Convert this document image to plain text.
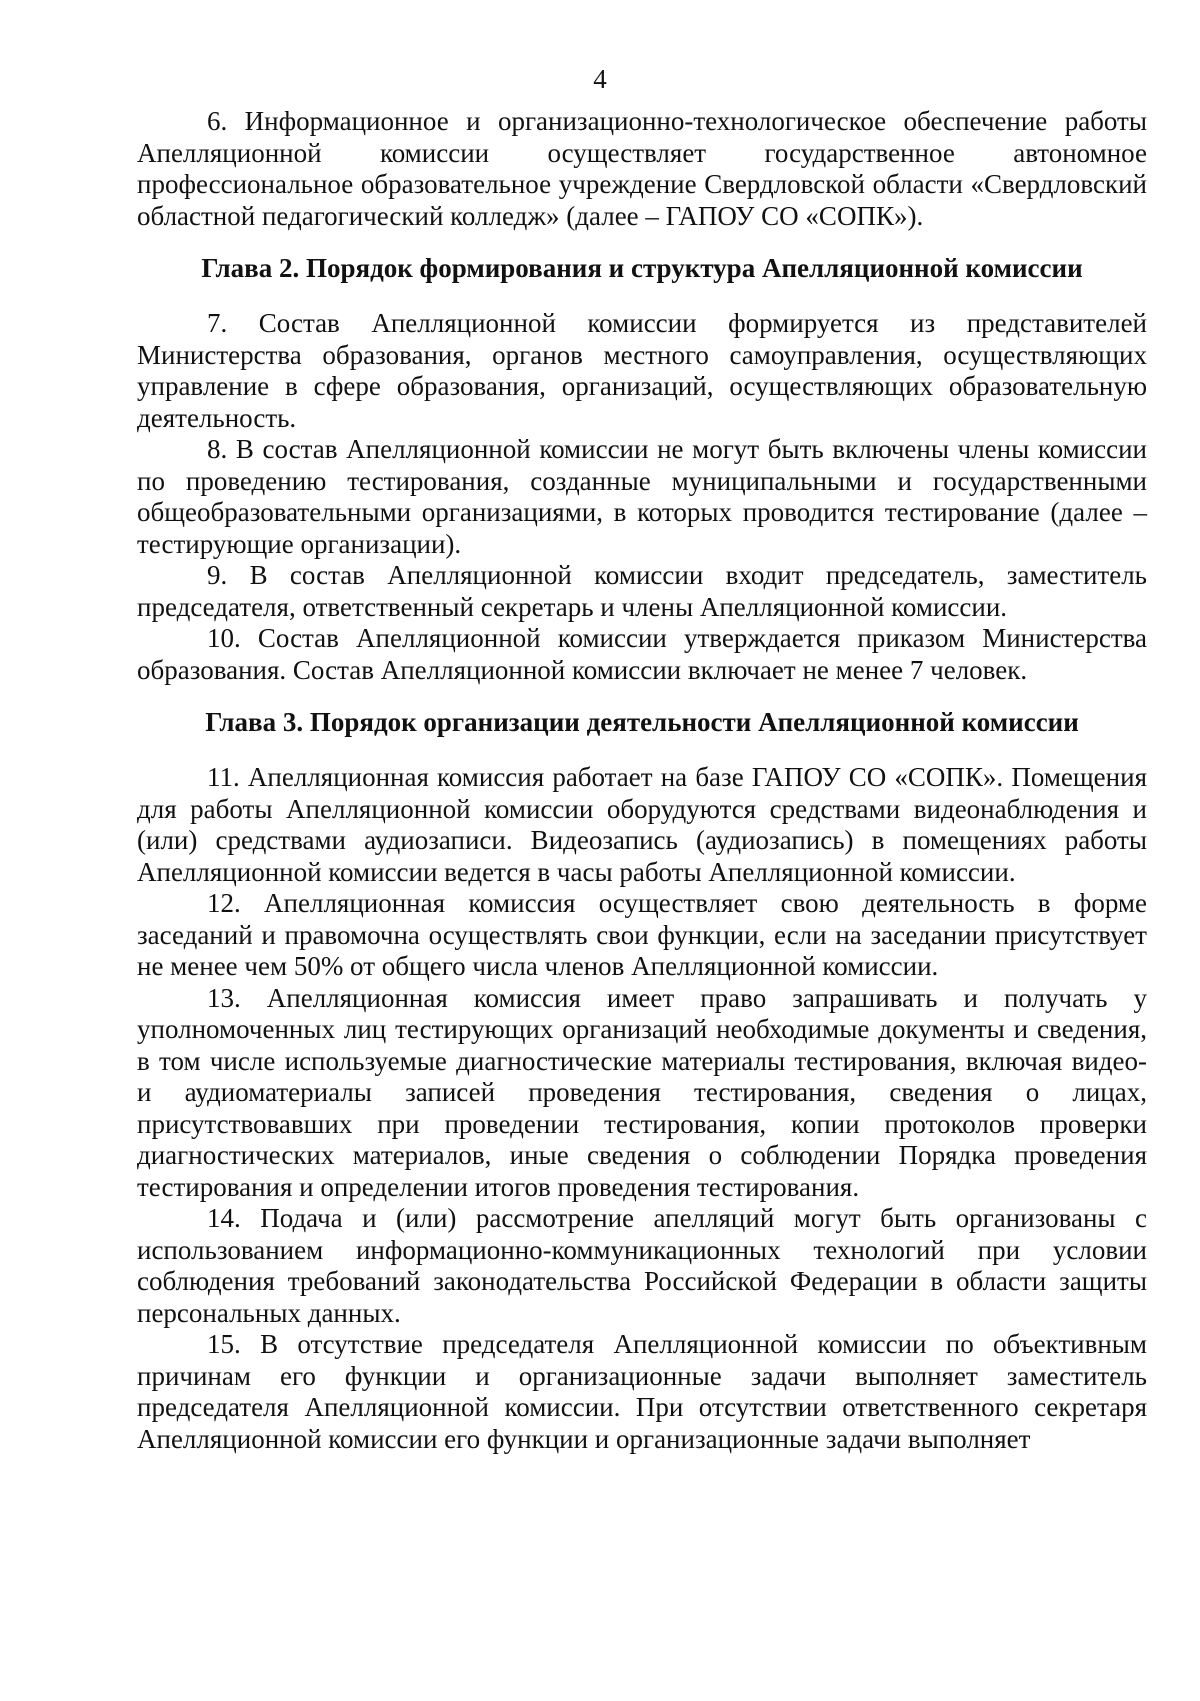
4

6. Информационное и организационно-технологическое обеспечение работы Апелляционной комиссии осуществляет государственное автономное профессиональное образовательное учреждение Свердловской области «Свердловский областной педагогический колледж» (далее – ГАПОУ СО «СОПК»).

Глава 2. Порядок формирования и структура Апелляционной комиссии

7. Состав Апелляционной комиссии формируется из представителей Министерства образования, органов местного самоуправления, осуществляющих управление в сфере образования, организаций, осуществляющих образовательную деятельность.

8. В состав Апелляционной комиссии не могут быть включены члены комиссии по проведению тестирования, созданные муниципальными и государственными общеобразовательными организациями, в которых проводится тестирование (далее – тестирующие организации).

9. В состав Апелляционной комиссии входит председатель, заместитель председателя, ответственный секретарь и члены Апелляционной комиссии.

10. Состав Апелляционной комиссии утверждается приказом Министерства образования. Состав Апелляционной комиссии включает не менее 7 человек.

Глава 3. Порядок организации деятельности Апелляционной комиссии

11. Апелляционная комиссия работает на базе ГАПОУ СО «СОПК». Помещения для работы Апелляционной комиссии оборудуются средствами видеонаблюдения и (или) средствами аудиозаписи. Видеозапись (аудиозапись) в помещениях работы Апелляционной комиссии ведется в часы работы Апелляционной комиссии.

12. Апелляционная комиссия осуществляет свою деятельность в форме заседаний и правомочна осуществлять свои функции, если на заседании присутствует не менее чем 50% от общего числа членов Апелляционной комиссии.

13. Апелляционная комиссия имеет право запрашивать и получать у уполномоченных лиц тестирующих организаций необходимые документы и сведения, в том числе используемые диагностические материалы тестирования, включая видео- и аудиоматериалы записей проведения тестирования, сведения о лицах, присутствовавших при проведении тестирования, копии протоколов проверки диагностических материалов, иные сведения о соблюдении Порядка проведения тестирования и определении итогов проведения тестирования.

14. Подача и (или) рассмотрение апелляций могут быть организованы с использованием информационно-коммуникационных технологий при условии соблюдения требований законодательства Российской Федерации в области защиты персональных данных.

15. В отсутствие председателя Апелляционной комиссии по объективным причинам его функции и организационные задачи выполняет заместитель председателя Апелляционной комиссии. При отсутствии ответственного секретаря Апелляционной комиссии его функции и организационные задачи выполняет
